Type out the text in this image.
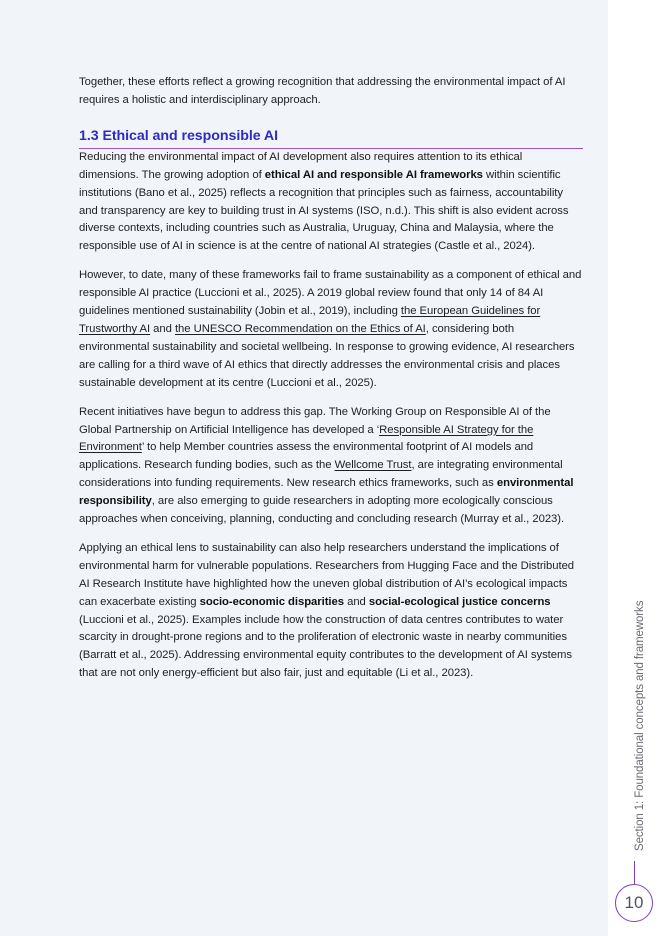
Together, these efforts reflect a growing recognition that addressing the environmental impact of AI requires a holistic and interdisciplinary approach.

1.3 Ethical and responsible AI

Reducing the environmental impact of AI development also requires attention to its ethical dimensions. The growing adoption of ethical AI and responsible AI frameworks within scientific institutions (Bano et al., 2025) reflects a recognition that principles such as fairness, accountability and transparency are key to building trust in AI systems (ISO, n.d.). This shift is also evident across diverse contexts, including countries such as Australia, Uruguay, China and Malaysia, where the responsible use of AI in science is at the centre of national AI strategies (Castle et al., 2024).

However, to date, many of these frameworks fail to frame sustainability as a component of ethical and responsible AI practice (Luccioni et al., 2025). A 2019 global review found that only 14 of 84 AI guidelines mentioned sustainability (Jobin et al., 2019), including the European Guidelines for Trustworthy AI and the UNESCO Recommendation on the Ethics of AI, considering both environmental sustainability and societal wellbeing. In response to growing evidence, AI researchers are calling for a third wave of AI ethics that directly addresses the environmental crisis and places sustainable development at its centre (Luccioni et al., 2025).

Recent initiatives have begun to address this gap. The Working Group on Responsible AI of the Global Partnership on Artificial Intelligence has developed a ‘Responsible AI Strategy for the Environment’ to help Member countries assess the environmental footprint of AI models and applications. Research funding bodies, such as the Wellcome Trust, are integrating environmental considerations into funding requirements. New research ethics frameworks, such as environmental responsibility, are also emerging to guide researchers in adopting more ecologically conscious approaches when conceiving, planning, conducting and concluding research (Murray et al., 2023).

Applying an ethical lens to sustainability can also help researchers understand the implications of environmental harm for vulnerable populations. Researchers from Hugging Face and the Distributed AI Research Institute have highlighted how the uneven global distribution of AI’s ecological impacts can exacerbate existing socio-economic disparities and social-ecological justice concerns (Luccioni et al., 2025). Examples include how the construction of data centres contributes to water scarcity in drought-prone regions and to the proliferation of electronic waste in nearby communities (Barratt et al., 2025). Addressing environmental equity contributes to the development of AI systems that are not only energy-efficient but also fair, just and equitable (Li et al., 2023).	Section 1: Foundational concepts and frameworks
10
